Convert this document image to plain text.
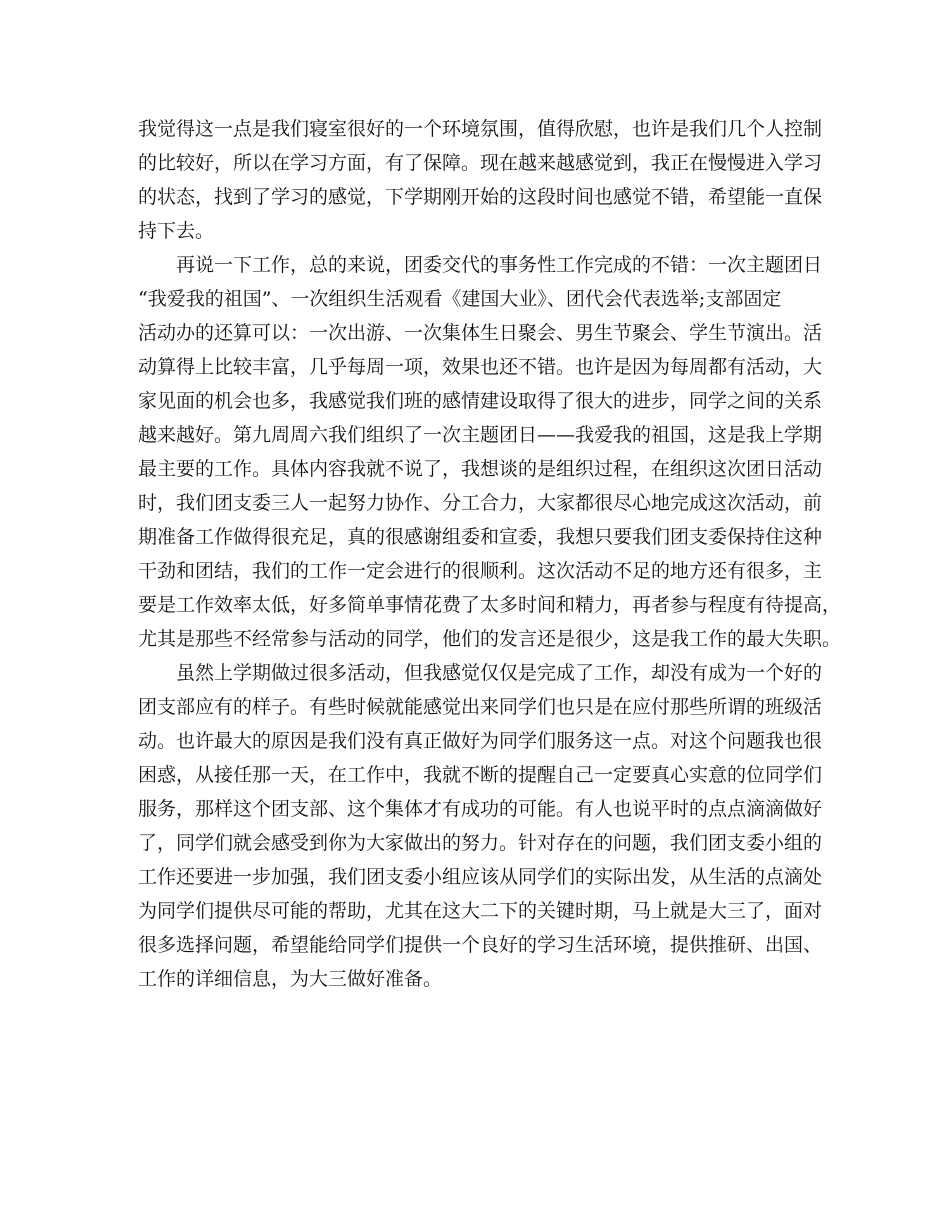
我觉得这一点是我们寝室很好的一个环境氛围，值得欣慰，也许是我们几个人控制
的比较好，所以在学习方面，有了保障。现在越来越感觉到，我正在慢慢进入学习
的状态，找到了学习的感觉，下学期刚开始的这段时间也感觉不错，希望能一直保
持下去。

　　再说一下工作，总的来说，团委交代的事务性工作完成的不错：一次主题团日
“我爱我的祖国”、一次组织生活观看《建国大业》、团代会代表选举;支部固定
活动办的还算可以：一次出游、一次集体生日聚会、男生节聚会、学生节演出。活
动算得上比较丰富，几乎每周一项，效果也还不错。也许是因为每周都有活动，大
家见面的机会也多，我感觉我们班的感情建设取得了很大的进步，同学之间的关系
越来越好。第九周周六我们组织了一次主题团日——我爱我的祖国，这是我上学期
最主要的工作。具体内容我就不说了，我想谈的是组织过程，在组织这次团日活动
时，我们团支委三人一起努力协作、分工合力，大家都很尽心地完成这次活动，前
期准备工作做得很充足，真的很感谢组委和宣委，我想只要我们团支委保持住这种
干劲和团结，我们的工作一定会进行的很顺利。这次活动不足的地方还有很多，主
要是工作效率太低，好多简单事情花费了太多时间和精力，再者参与程度有待提高，
尤其是那些不经常参与活动的同学，他们的发言还是很少，这是我工作的最大失职。

　　虽然上学期做过很多活动，但我感觉仅仅是完成了工作，却没有成为一个好的
团支部应有的样子。有些时候就能感觉出来同学们也只是在应付那些所谓的班级活
动。也许最大的原因是我们没有真正做好为同学们服务这一点。对这个问题我也很
困惑，从接任那一天，在工作中，我就不断的提醒自己一定要真心实意的位同学们
服务，那样这个团支部、这个集体才有成功的可能。有人也说平时的点点滴滴做好
了，同学们就会感受到你为大家做出的努力。针对存在的问题，我们团支委小组的
工作还要进一步加强，我们团支委小组应该从同学们的实际出发，从生活的点滴处
为同学们提供尽可能的帮助，尤其在这大二下的关键时期，马上就是大三了，面对
很多选择问题，希望能给同学们提供一个良好的学习生活环境，提供推研、出国、
工作的详细信息，为大三做好准备。
